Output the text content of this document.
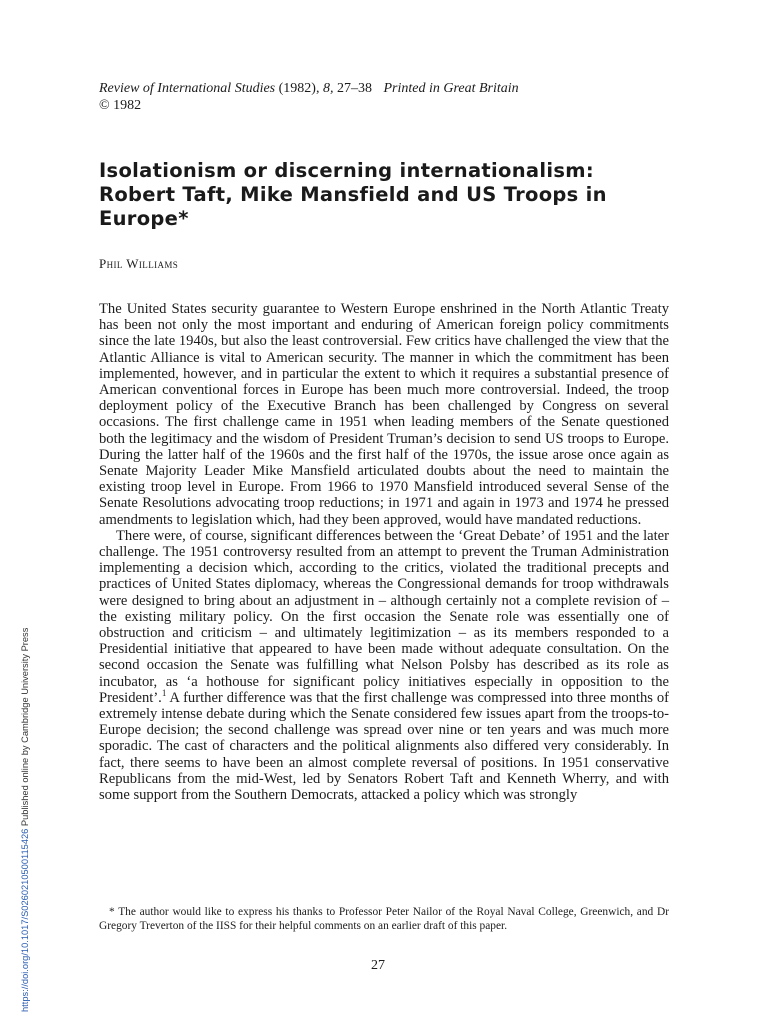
Review of International Studies (1982), 8, 27–38 Printed in Great Britain
© 1982
Isolationism or discerning internationalism: Robert Taft, Mike Mansfield and US Troops in Europe*
Phil Williams

The United States security guarantee to Western Europe enshrined in the North Atlantic Treaty has been not only the most important and enduring of American foreign policy commitments since the late 1940s, but also the least controversial. Few critics have challenged the view that the Atlantic Alliance is vital to American security. The manner in which the commitment has been implemented, however, and in particular the extent to which it requires a substantial presence of American conventional forces in Europe has been much more controversial. Indeed, the troop deployment policy of the Executive Branch has been challenged by Congress on several occasions. The first challenge came in 1951 when leading members of the Senate questioned both the legitimacy and the wisdom of President Truman’s decision to send US troops to Europe. During the latter half of the 1960s and the first half of the 1970s, the issue arose once again as Senate Majority Leader Mike Mansfield articulated doubts about the need to maintain the existing troop level in Europe. From 1966 to 1970 Mansfield introduced several Sense of the Senate Resolutions advocating troop reductions; in 1971 and again in 1973 and 1974 he pressed amendments to legislation which, had they been approved, would have mandated reductions.

There were, of course, significant differences between the ‘Great Debate’ of 1951 and the later challenge. The 1951 controversy resulted from an attempt to prevent the Truman Administration implementing a decision which, according to the critics, violated the traditional precepts and practices of United States diplomacy, whereas the Congressional demands for troop withdrawals were designed to bring about an adjustment in – although certainly not a complete revision of – the existing military policy. On the first occasion the Senate role was essentially one of obstruction and criticism – and ultimately legitimization – as its members responded to a Presidential initiative that appeared to have been made without adequate consultation. On the second occasion the Senate was fulfilling what Nelson Polsby has described as its role as incubator, as ‘a hothouse for significant policy initiatives especially in opposition to the President’.$^1$ A further difference was that the first challenge was compressed into three months of extremely intense debate during which the Senate considered few issues apart from the troops-to-Europe decision; the second challenge was spread over nine or ten years and was much more sporadic. The cast of characters and the political alignments also differed very considerably. In fact, there seems to have been an almost complete reversal of positions. In 1951 conservative Republicans from the mid-West, led by Senators Robert Taft and Kenneth Wherry, and with some support from the Southern Democrats, attacked a policy which was strongly

* The author would like to express his thanks to Professor Peter Nailor of the Royal Naval College, Greenwich, and Dr Gregory Treverton of the IISS for their helpful comments on an earlier draft of this paper.
27
https://doi.org/10.1017/S0260210500115426 Published online by Cambridge University Press
